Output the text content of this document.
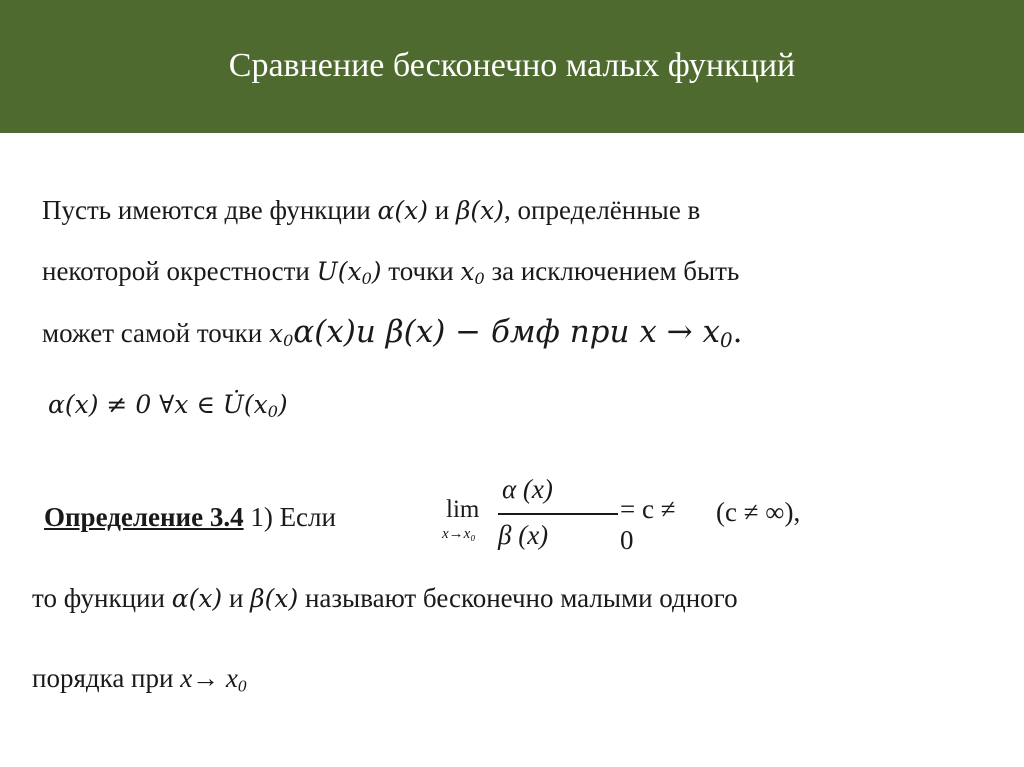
Сравнение бесконечно малых функций
Пусть имеются две функции α(x) и β(x), определённые в
некоторой окрестности $U(x_0)$ точки $x_0$ за исключением быть
может самой точки $x_0\alpha(x)и$ β(x) − бмф при $x \to x_0$.
α(x) ≠ 0 ∀x ∈ $U̇(x_0)$
Определение 3.4 1) Если	lim
x→x₀
α (x)
β (x)
= c ≠ 0
(c ≠ ∞),
то функции α(x) и β(x) называют бесконечно малыми одного
порядка при $x\to x_0$
